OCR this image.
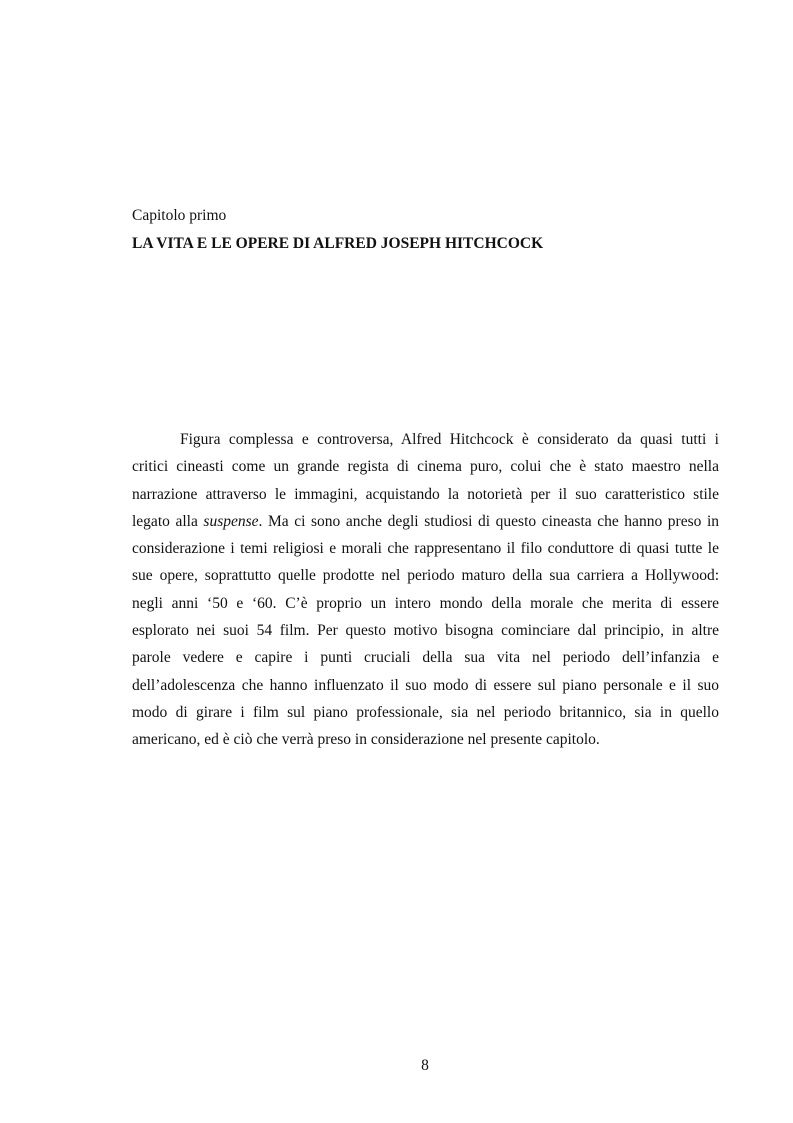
Capitolo primo

LA VITA E LE OPERE DI ALFRED JOSEPH HITCHCOCK

Figura complessa e controversa, Alfred Hitchcock è considerato da quasi tutti i
critici cineasti come un grande regista di cinema puro, colui che è stato maestro nella
narrazione attraverso le immagini, acquistando la notorietà per il suo caratteristico stile
legato alla suspense. Ma ci sono anche degli studiosi di questo cineasta che hanno preso in
considerazione i temi religiosi e morali che rappresentano il filo conduttore di quasi tutte le
sue opere, soprattutto quelle prodotte nel periodo maturo della sua carriera a Hollywood:
negli anni ‘50 e ‘60. C’è proprio un intero mondo della morale che merita di essere
esplorato nei suoi 54 film. Per questo motivo bisogna cominciare dal principio, in altre
parole vedere e capire i punti cruciali della sua vita nel periodo dell’infanzia e
dell’adolescenza che hanno influenzato il suo modo di essere sul piano personale e il suo
modo di girare i film sul piano professionale, sia nel periodo britannico, sia in quello
americano, ed è ciò che verrà preso in considerazione nel presente capitolo.

8
